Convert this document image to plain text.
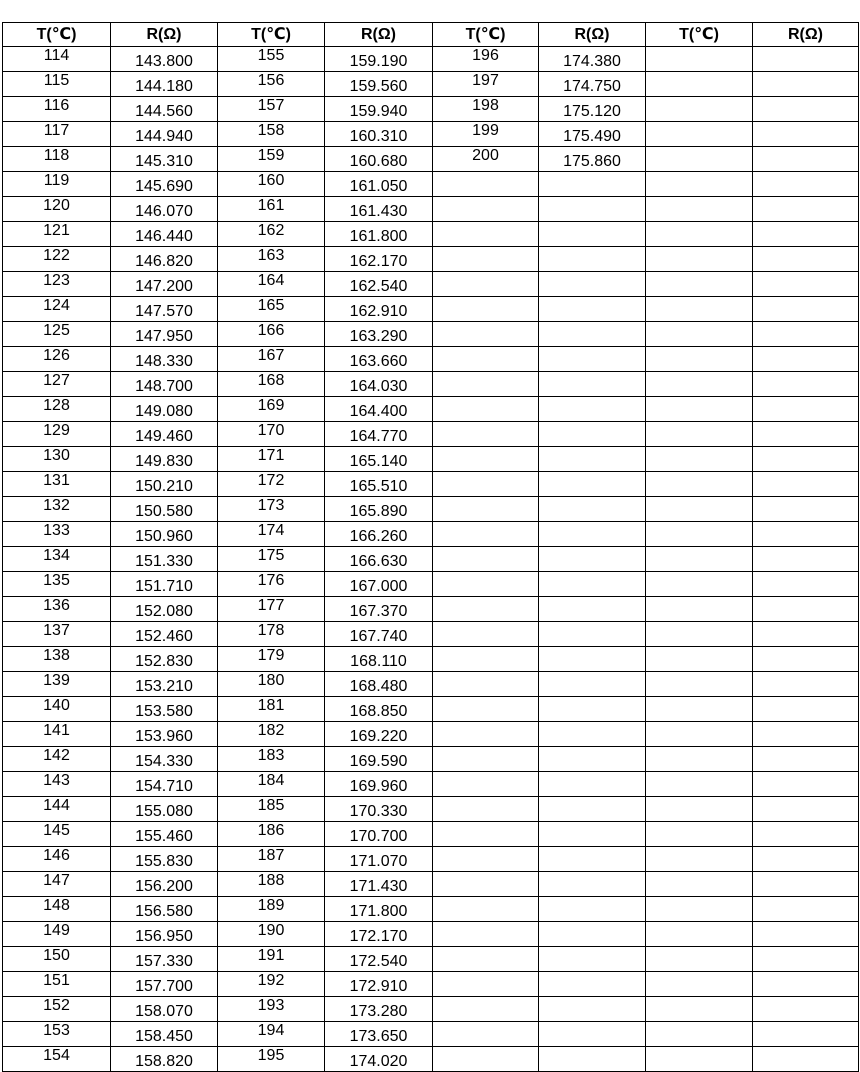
T(℃)	R(Ω)	T(℃)	R(Ω)	T(℃)	R(Ω)	T(℃)	R(Ω)
114	143.800	155	159.190	196	174.380		
115	144.180	156	159.560	197	174.750		
116	144.560	157	159.940	198	175.120		
117	144.940	158	160.310	199	175.490		
118	145.310	159	160.680	200	175.860		
119	145.690	160	161.050				
120	146.070	161	161.430				
121	146.440	162	161.800				
122	146.820	163	162.170				
123	147.200	164	162.540				
124	147.570	165	162.910				
125	147.950	166	163.290				
126	148.330	167	163.660				
127	148.700	168	164.030				
128	149.080	169	164.400				
129	149.460	170	164.770				
130	149.830	171	165.140				
131	150.210	172	165.510				
132	150.580	173	165.890				
133	150.960	174	166.260				
134	151.330	175	166.630				
135	151.710	176	167.000				
136	152.080	177	167.370				
137	152.460	178	167.740				
138	152.830	179	168.110				
139	153.210	180	168.480				
140	153.580	181	168.850				
141	153.960	182	169.220				
142	154.330	183	169.590				
143	154.710	184	169.960				
144	155.080	185	170.330				
145	155.460	186	170.700				
146	155.830	187	171.070				
147	156.200	188	171.430				
148	156.580	189	171.800				
149	156.950	190	172.170				
150	157.330	191	172.540				
151	157.700	192	172.910				
152	158.070	193	173.280				
153	158.450	194	173.650				
154	158.820	195	174.020				
